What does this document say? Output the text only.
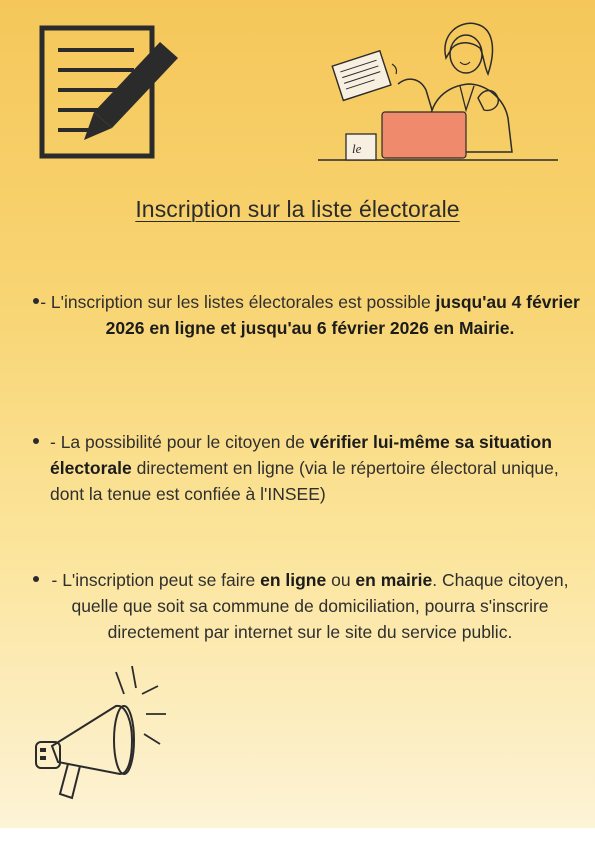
le
Inscription sur la liste électorale
- L'inscription sur les listes électorales est possible jusqu'au 4 février 2026 en ligne et jusqu'au 6 février 2026 en Mairie.
- La possibilité pour le citoyen de vérifier lui-même sa situation électorale directement en ligne (via le répertoire électoral unique, dont la tenue est confiée à l'INSEE)
- L'inscription peut se faire en ligne ou en mairie. Chaque citoyen, quelle que soit sa commune de domiciliation, pourra s'inscrire directement par internet sur le site du service public.
